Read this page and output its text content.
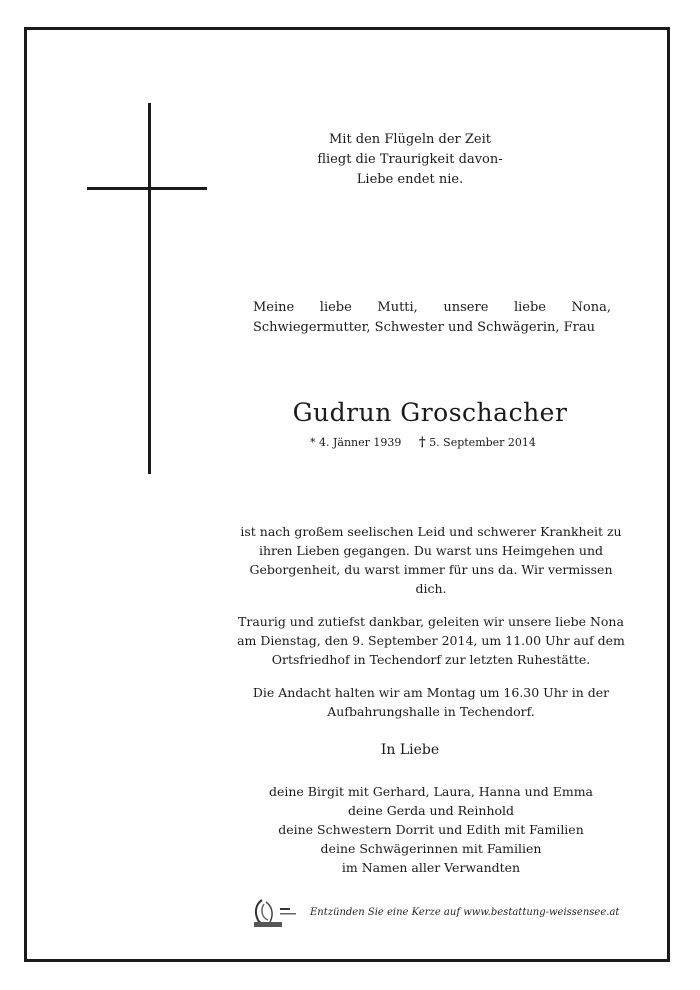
Mit den Flügeln der Zeit
fliegt die Traurigkeit davon-
Liebe endet nie.
Meine liebe Mutti, unsere liebe Nona, Schwiegermutter, Schwester und Schwägerin, Frau
Gudrun Groschacher
* 4. Jänner 1939 † 5. September 2014

ist nach großem seelischen Leid und schwerer Krankheit zu ihren Lieben gegangen. Du warst uns Heimgehen und Geborgenheit, du warst immer für uns da. Wir vermissen dich.

Traurig und zutiefst dankbar, geleiten wir unsere liebe Nona am Dienstag, den 9. September 2014, um 11.00 Uhr auf dem Ortsfriedhof in Techendorf zur letzten Ruhestätte.

Die Andacht halten wir am Montag um 16.30 Uhr in der Aufbahrungshalle in Techendorf.

In Liebe
deine Birgit mit Gerhard, Laura, Hanna und Emma
deine Gerda und Reinhold
deine Schwestern Dorrit und Edith mit Familien
deine Schwägerinnen mit Familien
im Namen aller Verwandten
Entzünden Sie eine Kerze auf www.bestattung-weissensee.at
